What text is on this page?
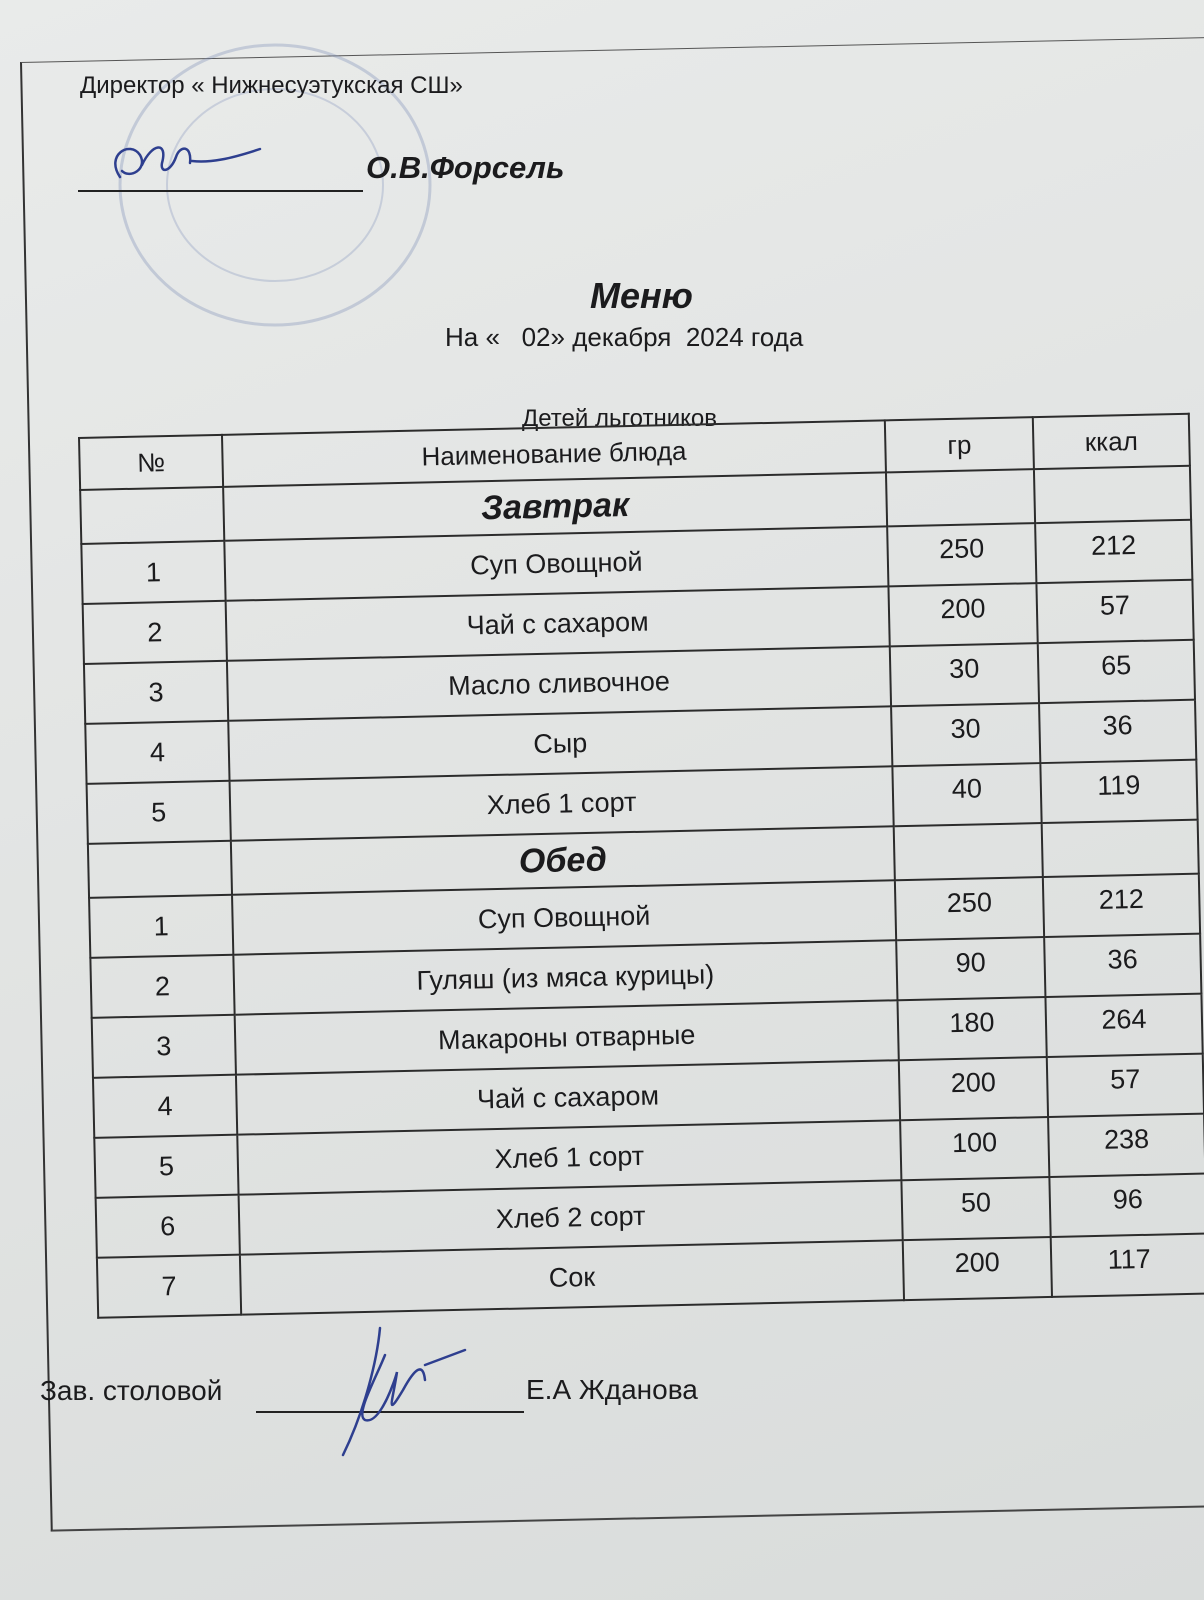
Директор « Нижнесуэтукская СШ»
О.В.Форсель
Меню
На «   02» декабря  2024 года
Детей льготников
№	Наименование блюда	гр	ккал
	Завтрак		
1	Суп Овощной	250	212
2	Чай с сахаром	200	57
3	Масло сливочное	30	65
4	Сыр	30	36
5	Хлеб 1 сорт	40	119
	Обед		
1	Суп Овощной	250	212
2	Гуляш (из мяса курицы)	90	36
3	Макароны отварные	180	264
4	Чай с сахаром	200	57
5	Хлеб 1 сорт	100	238
6	Хлеб 2 сорт	50	96
7	Сок	200	117
Зав. столовой	Е.А Жданова
